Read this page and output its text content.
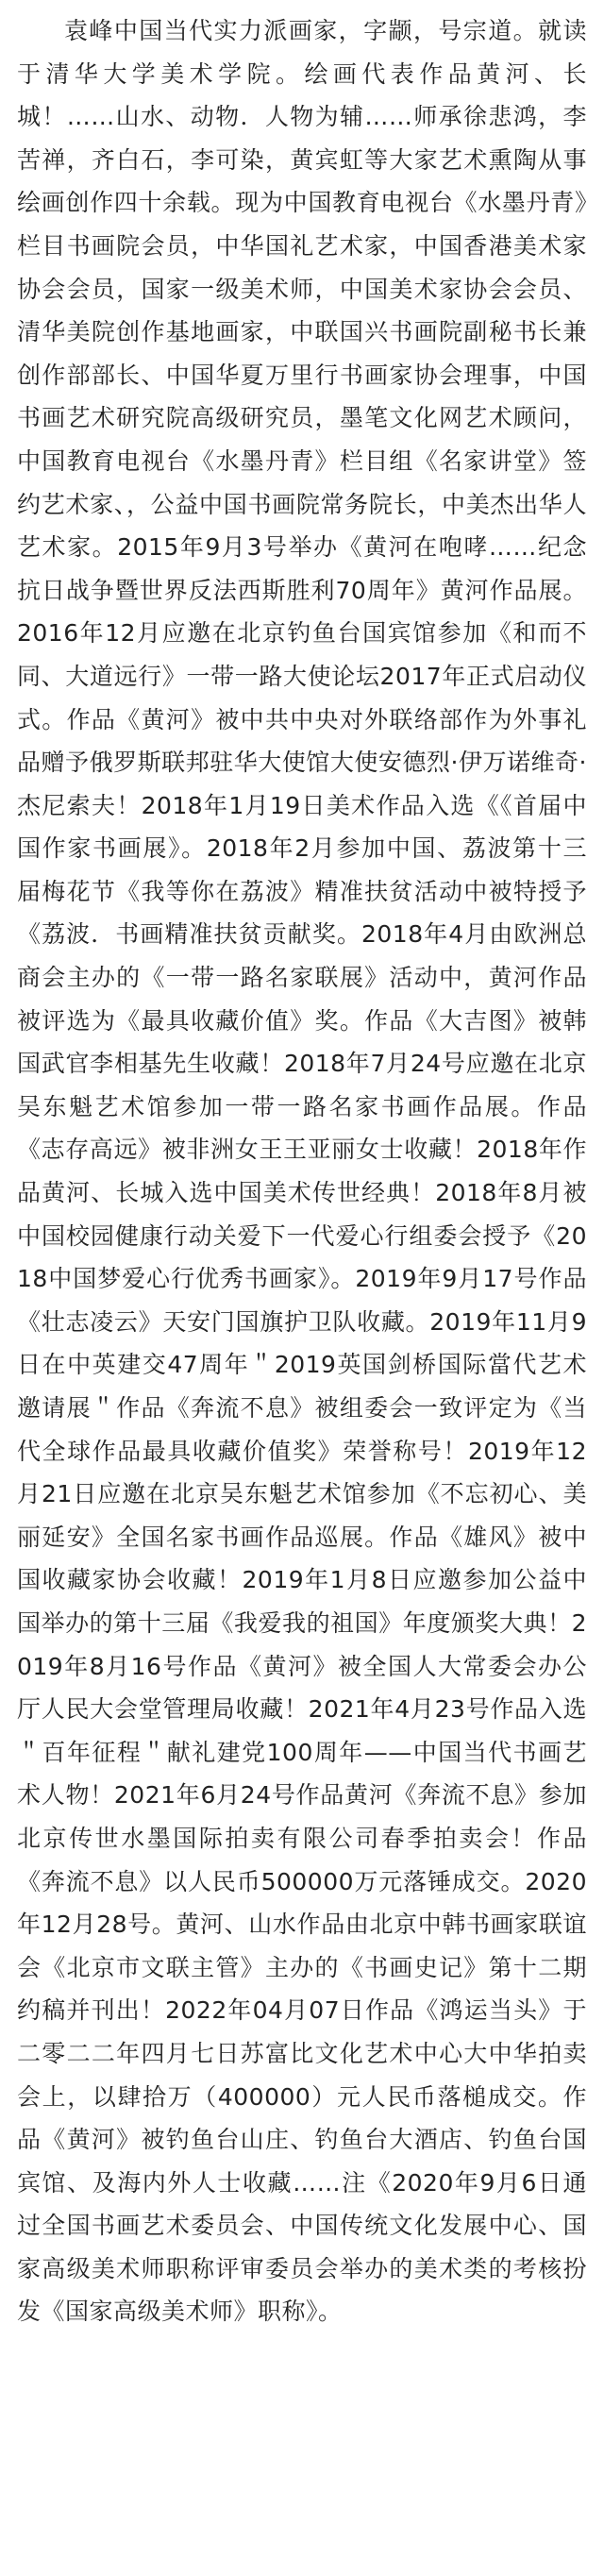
袁峰中国当代实力派画家，字颛，号宗道。就读于清华大学美术学院。绘画代表作品黄河、长城！……山水、动物．人物为辅……师承徐悲鸿，李苦禅，齐白石，李可染，黄宾虹等大家艺术熏陶从事绘画创作四十余载。现为中国教育电视台《水墨丹青》栏目书画院会员，中华国礼艺术家，中国香港美术家协会会员，国家一级美术师，中国美术家协会会员、清华美院创作基地画家，中联国兴书画院副秘书长兼创作部部长、中国华夏万里行书画家协会理事，中国书画艺术研究院高级研究员，墨笔文化网艺术顾问，中国教育电视台《水墨丹青》栏目组《名家讲堂》签约艺术家、，公益中国书画院常务院长，中美杰出华人艺术家。2015年9月3号举办《黄河在咆哮……纪念抗日战争暨世界反法西斯胜利70周年》黄河作品展。2016年12月应邀在北京钓鱼台国宾馆参加《和而不同、大道远行》一带一路大使论坛2017年正式启动仪式。作品《黄河》被中共中央对外联络部作为外事礼品赠予俄罗斯联邦驻华大使馆大使安德烈·伊万诺维奇·杰尼索夫！2018年1月19日美术作品入选《《首届中国作家书画展》。2018年2月参加中国、荔波第十三届梅花节《我等你在荔波》精准扶贫活动中被特授予《荔波．书画精准扶贫贡献奖。2018年4月由欧洲总商会主办的《一带一路名家联展》活动中，黄河作品被评选为《最具收藏价值》奖。作品《大吉图》被韩国武官李相基先生收藏！2018年7月24号应邀在北京吴东魁艺术馆参加一带一路名家书画作品展。作品《志存高远》被非洲女王王亚丽女士收藏！2018年作品黄河、长城入选中国美术传世经典！2018年8月被中国校园健康行动关爱下一代爱心行组委会授予《2018中国梦爱心行优秀书画家》。2019年9月17号作品《壮志凌云》天安门国旗护卫队收藏。2019年11月9日在中英建交47周年＂2019英国剑桥国际當代艺术邀请展＂作品《奔流不息》被组委会一致评定为《当代全球作品最具收藏价值奖》荣誉称号！2019年12月21日应邀在北京吴东魁艺术馆参加《不忘初心、美丽延安》全国名家书画作品巡展。作品《雄风》被中国收藏家协会收藏！2019年1月8日应邀参加公益中国举办的第十三届《我爱我的祖国》年度颁奖大典！2019年8月16号作品《黄河》被全国人大常委会办公厅人民大会堂管理局收藏！2021年4月23号作品入选＂百年征程＂献礼建党100周年——中国当代书画艺术人物！2021年6月24号作品黄河《奔流不息》参加北京传世水墨国际拍卖有限公司春季拍卖会！作品《奔流不息》以人民币500000万元落锤成交。2020年12月28号。黄河、山水作品由北京中韩书画家联谊会《北京市文联主管》主办的《书画史记》第十二期约稿并刊出！2022年04月07日作品《鸿运当头》于二零二二年四月七日苏富比文化艺术中心大中华拍卖会上，以肆拾万（400000）元人民币落槌成交。作品《黄河》被钓鱼台山庄、钓鱼台大酒店、钓鱼台国宾馆、及海内外人士收藏……注《2020年9月6日通过全国书画艺术委员会、中国传统文化发展中心、国家高级美术师职称评审委员会举办的美术类的考核扮发《国家高级美术师》职称》。
